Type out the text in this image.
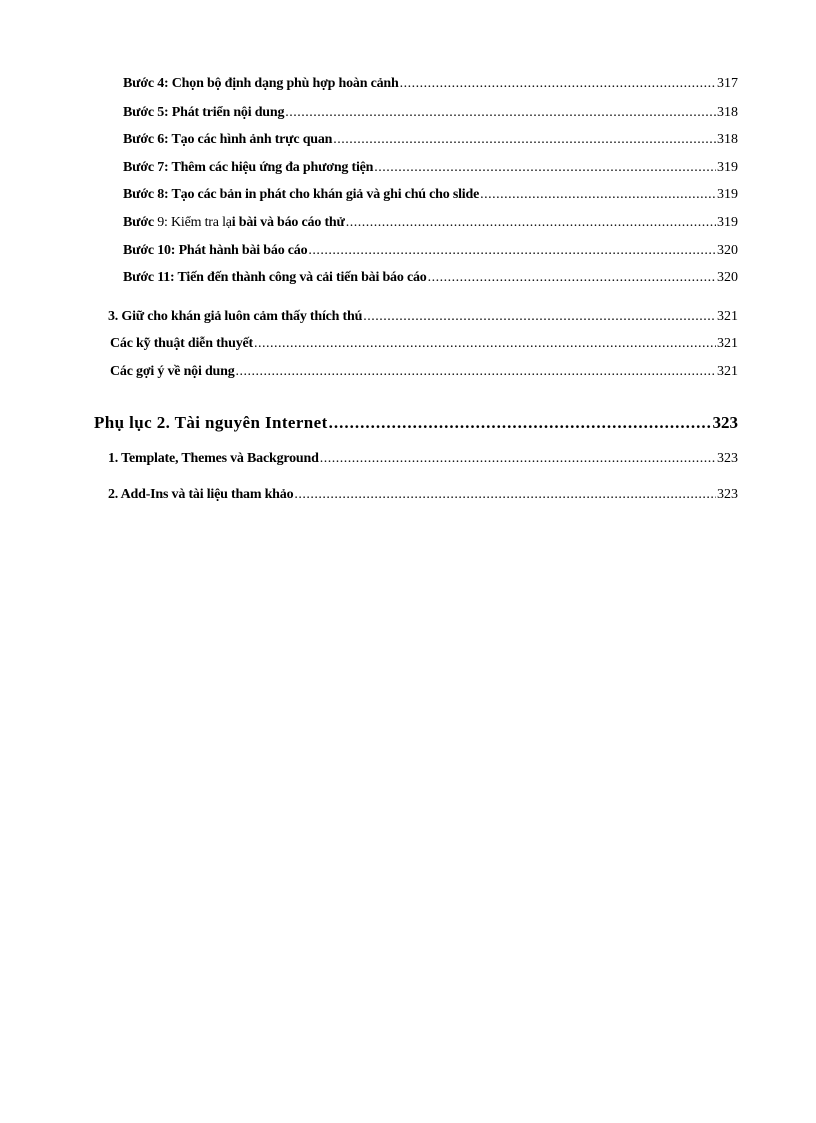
Bước 4: Chọn bộ định dạng phù hợp hoàn cảnh .....	317
Bước 5: Phát triển nội dung .....	318
Bước 6: Tạo các hình ảnh trực quan .....	318
Bước 7: Thêm các hiệu ứng đa phương tiện .....	319
Bước 8: Tạo các bản in phát cho khán giả và ghi chú cho slide .....	319
Bước 9: Kiểm tra lại bài và báo cáo thử .....	319
Bước 10: Phát hành bài báo cáo .....	320
Bước 11: Tiến đến thành công và cải tiến bài báo cáo .....	320
3. Giữ cho khán giả luôn cảm thấy thích thú .....	321
Các kỹ thuật diễn thuyết .....	321
Các gợi ý về nội dung .....	321
Phụ lục 2. Tài nguyên Internet .....	323
1. Template, Themes và Background .....	323
2. Add-Ins và tài liệu tham khảo .....	323
